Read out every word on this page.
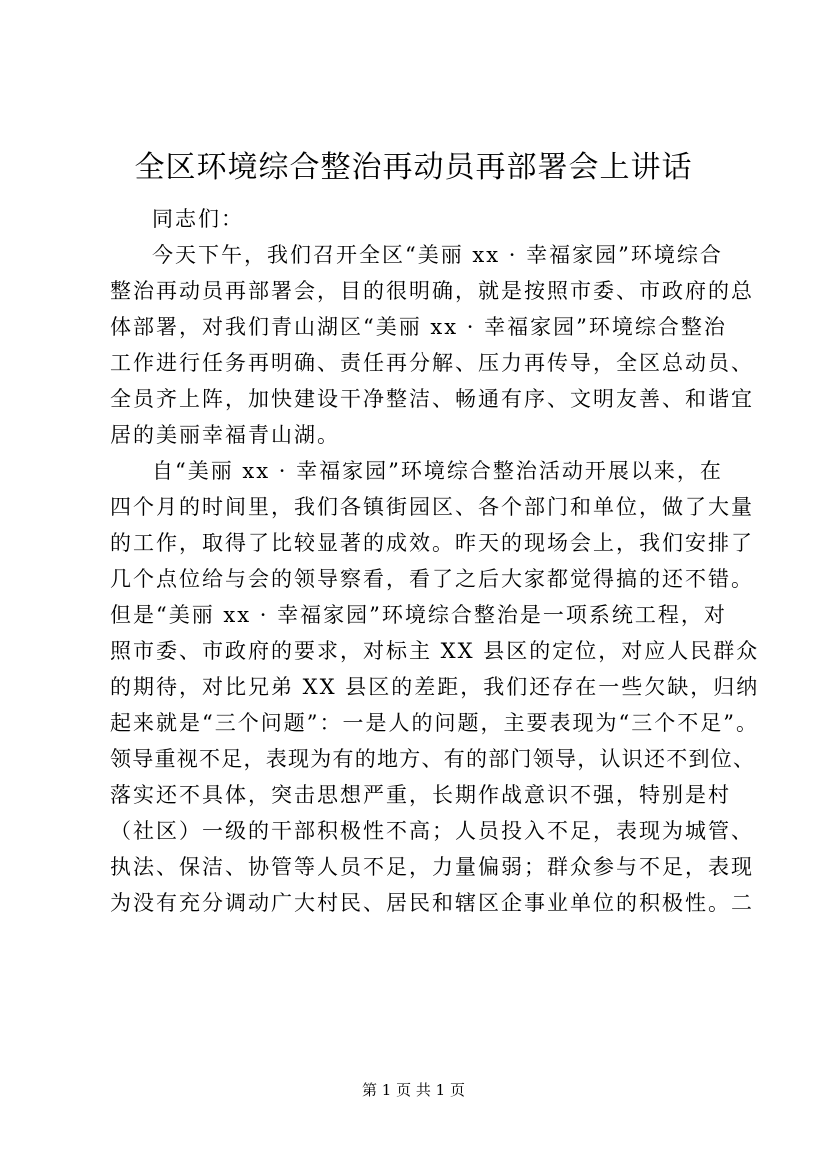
全区环境综合整治再动员再部署会上讲话
同志们：
今天下午，我们召开全区“美丽 xx · 幸福家园”环境综合
整治再动员再部署会，目的很明确，就是按照市委、市政府的总
体部署，对我们青山湖区“美丽 xx · 幸福家园”环境综合整治
工作进行任务再明确、责任再分解、压力再传导，全区总动员、
全员齐上阵，加快建设干净整洁、畅通有序、文明友善、和谐宜
居的美丽幸福青山湖。
自“美丽 xx · 幸福家园”环境综合整治活动开展以来，在
四个月的时间里，我们各镇街园区、各个部门和单位，做了大量
的工作，取得了比较显著的成效。昨天的现场会上，我们安排了
几个点位给与会的领导察看，看了之后大家都觉得搞的还不错。
但是“美丽 xx · 幸福家园”环境综合整治是一项系统工程，对
照市委、市政府的要求，对标主 XX 县区的定位，对应人民群众
的期待，对比兄弟 XX 县区的差距，我们还存在一些欠缺，归纳
起来就是“三个问题”：一是人的问题，主要表现为“三个不足”。
领导重视不足，表现为有的地方、有的部门领导，认识还不到位、
落实还不具体，突击思想严重，长期作战意识不强，特别是村
（社区）一级的干部积极性不高；人员投入不足，表现为城管、
执法、保洁、协管等人员不足，力量偏弱；群众参与不足，表现
为没有充分调动广大村民、居民和辖区企事业单位的积极性。二
第 1 页 共 1 页
